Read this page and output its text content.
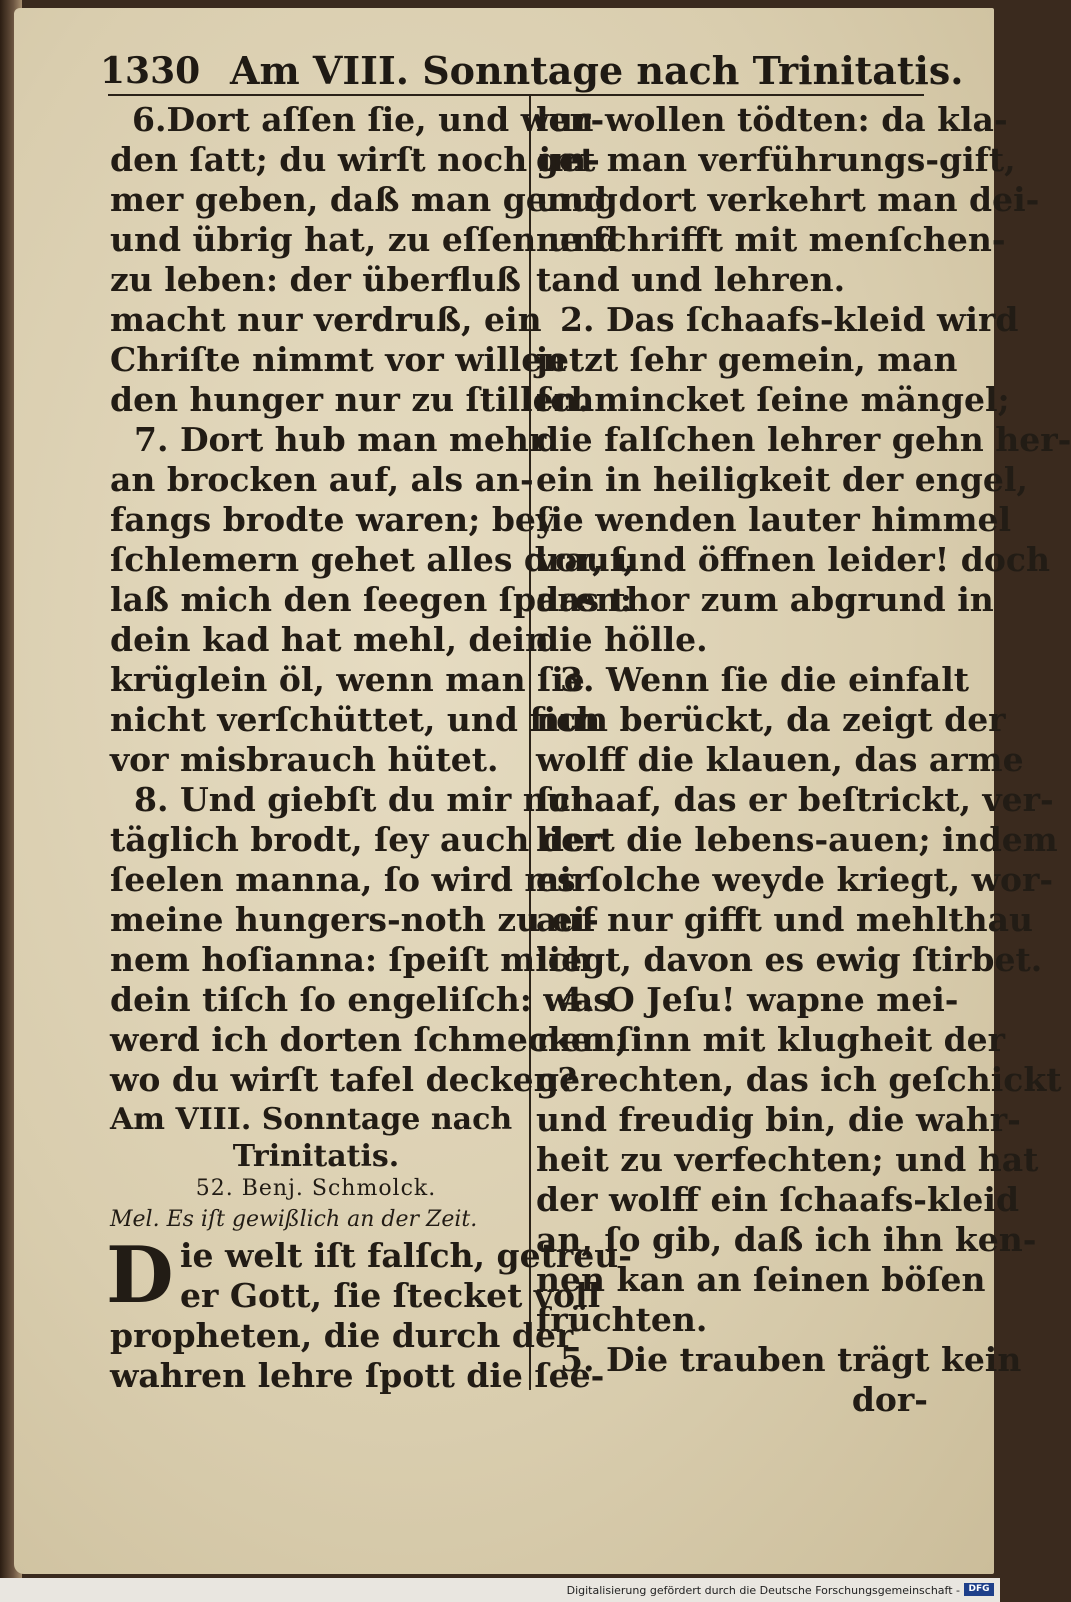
1330 Am VIII. Sonntage nach Trinitatis.
6.Dort aſſen ſie, und wur-
den ſatt; du wirſt noch im-
mer geben, daß man genug
und übrig hat, zu eſſen und
zu leben: der überfluß
macht nur verdruß, ein
Chriſte nimmt vor willen
den hunger nur zu ſtillen.
7. Dort hub man mehr
an brocken auf, als an-
fangs brodte waren; bey
ſchlemern gehet alles drauf,
laß mich den ſeegen ſparen:
dein kad hat mehl, dein
krüglein öl, wenn man ſie
nicht verſchüttet, und ſich
vor misbrauch hütet.
8. Und giebſt du mir nun
täglich brodt, ſey auch der
ſeelen manna, ſo wird mir
meine hungers-noth zu ei-
nem hoſianna: ſpeiſt mich
dein tiſch ſo engeliſch: was
werd ich dorten ſchmecken,
wo du wirſt tafel decken?
Am VIII. Sonntage nach
Trinitatis.
52. Benj. Schmolck.
Mel. Es iſt gewißlich an der Zeit.
D ie welt iſt falſch, getreu-
er Gott, ſie ſtecket voll
propheten, die durch der
wahren lehre ſpott die ſee-
len wollen tödten: da kla-
get man verführungs-gift,
und dort verkehrt man dei-
ne ſchrifft mit menſchen-
tand und lehren.
2. Das ſchaafs-kleid wird
jetzt ſehr gemein, man
ſchmincket ſeine mängel;
die falſchen lehrer gehn her-
ein in heiligkeit der engel,
ſie wenden lauter himmel
vor, und öffnen leider! doch
das thor zum abgrund in
die hölle.
3. Wenn ſie die einfalt
nun berückt, da zeigt der
wolff die klauen, das arme
ſchaaf, das er beſtrickt, ver-
liert die lebens-auen; indem
es ſolche weyde kriegt, wor-
auf nur gifft und mehlthau
liegt, davon es ewig ſtirbet.
4. O Jeſu! wapne mei-
nen ſinn mit klugheit der
gerechten, das ich geſchickt
und freudig bin, die wahr-
heit zu verfechten; und hat
der wolff ein ſchaafs-kleid
an, ſo gib, daß ich ihn ken-
nen kan an ſeinen böſen
früchten.
5. Die trauben trägt kein
dor-
Digitalisierung gefördert durch die Deutsche Forschungsgemeinschaft - DFG
